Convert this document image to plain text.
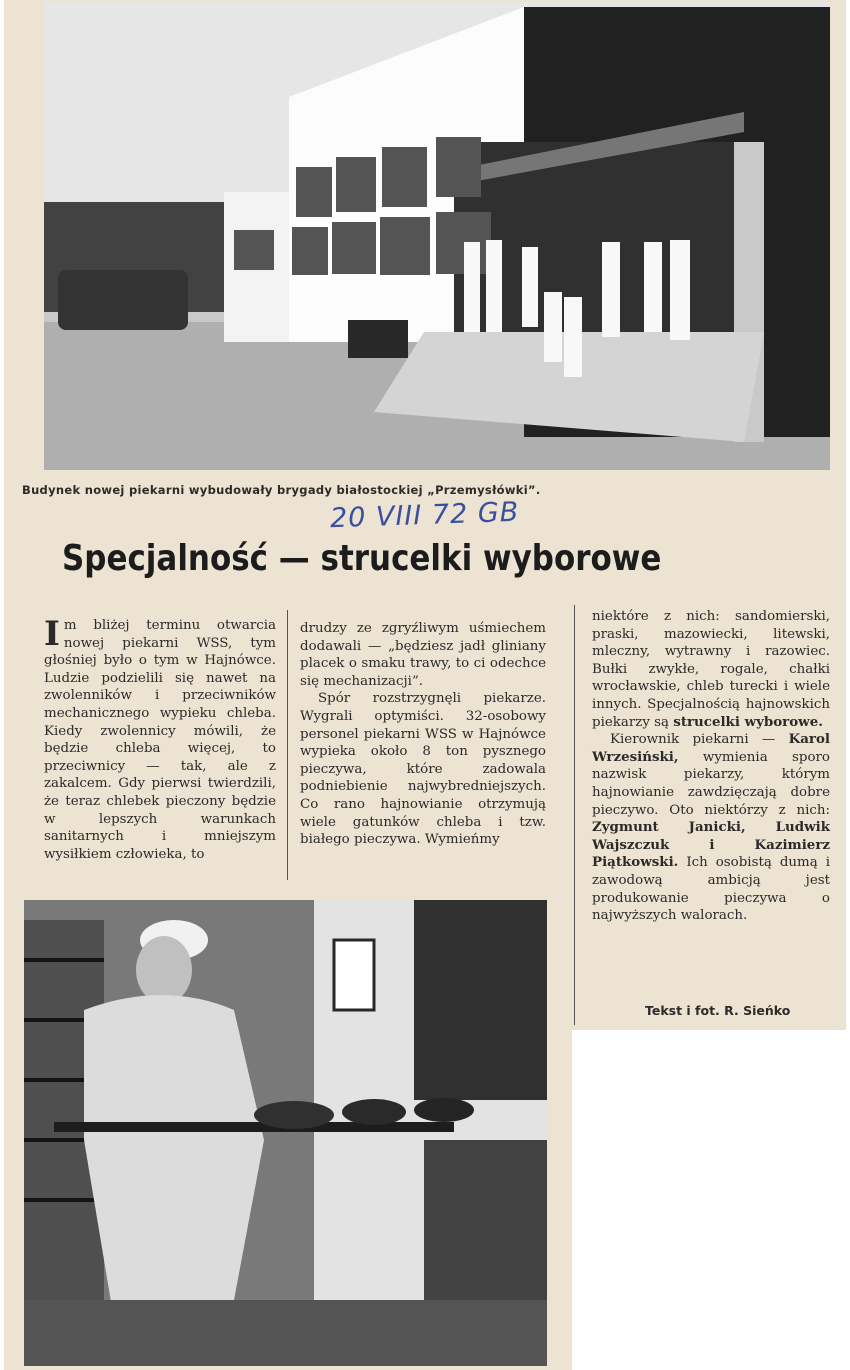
Budynek nowej piekarni wybudowały brygady białostockiej „Przemysłówki”.
20 VIII 72 GB
Specjalność — strucelki wyborowe

Im bliżej terminu otwarcia nowej piekarni WSS, tym głośniej było o tym w Hajnówce. Ludzie podzielili się nawet na zwolenników i przeciwników mechanicznego wypieku chleba. Kiedy zwolennicy mówili, że będzie chleba więcej, to przeciwnicy — tak, ale z zakalcem. Gdy pierwsi twierdzili, że teraz chlebek pieczony będzie w lepszych warunkach sanitarnych i mniejszym wysiłkiem człowieka, to

drudzy ze zgryźliwym uśmiechem dodawali — „będziesz jadł gliniany placek o smaku trawy, to ci odechce się mechanizacji”.

Spór rozstrzygnęli piekarze. Wygrali optymiści. 32-osobowy personel piekarni WSS w Hajnówce wypieka około 8 ton pysznego pieczywa, które zadowala podniebienie najwybredniejszych. Co rano hajnowianie otrzymują wiele gatunków chleba i tzw. białego pieczywa. Wymieńmy

niektóre z nich: sandomierski, praski, mazowiecki, litewski, mleczny, wytrawny i razowiec. Bułki zwykłe, rogale, chałki wrocławskie, chleb turecki i wiele innych. Specjalnością hajnowskich piekarzy są strucelki wyborowe.

Kierownik piekarni — Karol Wrzesiński, wymienia sporo nazwisk piekarzy, którym hajnowianie zawdzięczają dobre pieczywo. Oto niektórzy z nich: Zygmunt Janicki, Ludwik Wajszczuk i Kazimierz Piątkowski. Ich osobistą dumą i zawodową ambicją jest produkowanie pieczywa o najwyższych walorach.

Tekst i fot. R. Sieńko
